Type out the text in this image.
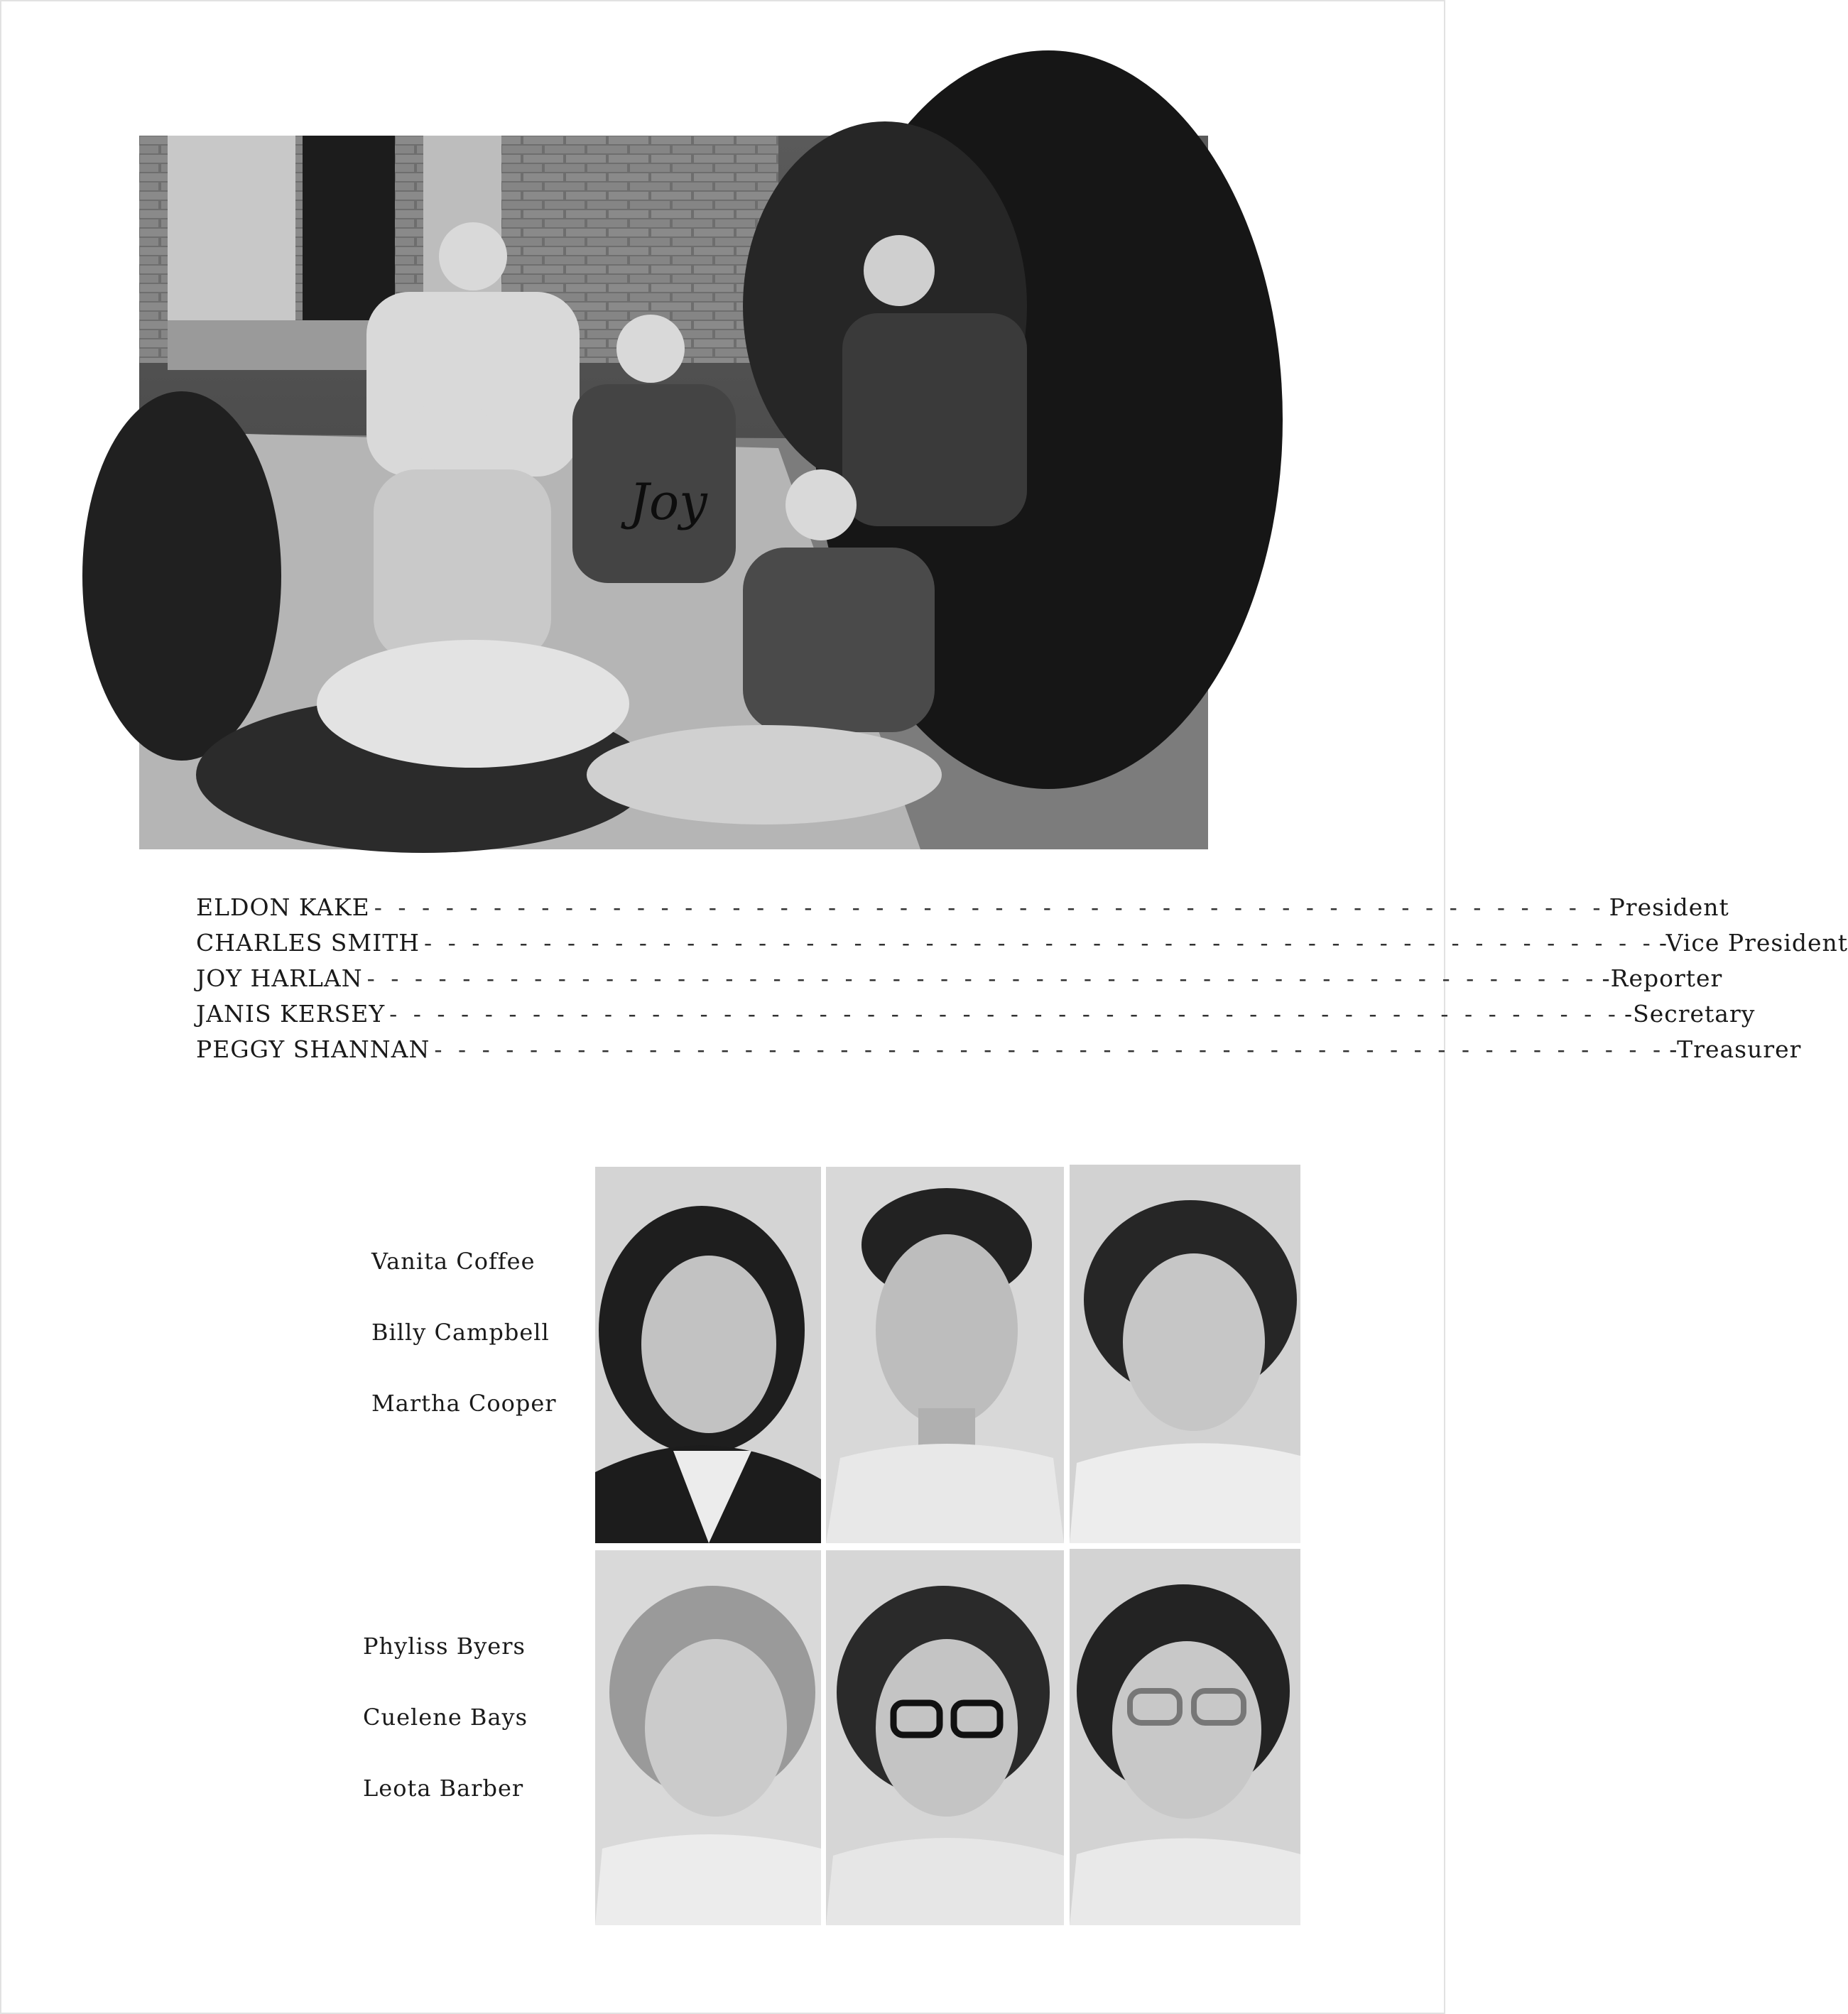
Joy
ELDON KAKE - - - - - - - - - - - - - - - - - - - - - - - - - - - - - - - - - - - - - - - - - - - - - - - - - - - - President
CHARLES SMITH - - - - - - - - - - - - - - - - - - - - - - - - - - - - - - - - - - - - - - - - - - - - - - - - - - - - -Vice President
JOY HARLAN - - - - - - - - - - - - - - - - - - - - - - - - - - - - - - - - - - - - - - - - - - - - - - - - - - - - -Reporter
JANIS KERSEY - - - - - - - - - - - - - - - - - - - - - - - - - - - - - - - - - - - - - - - - - - - - - - - - - - - - -Secretary
PEGGY SHANNAN - - - - - - - - - - - - - - - - - - - - - - - - - - - - - - - - - - - - - - - - - - - - - - - - - - - - -Treasurer
Vanita Coffee
Billy Campbell
Martha Cooper
Phyliss Byers
Cuelene Bays
Leota Barber
